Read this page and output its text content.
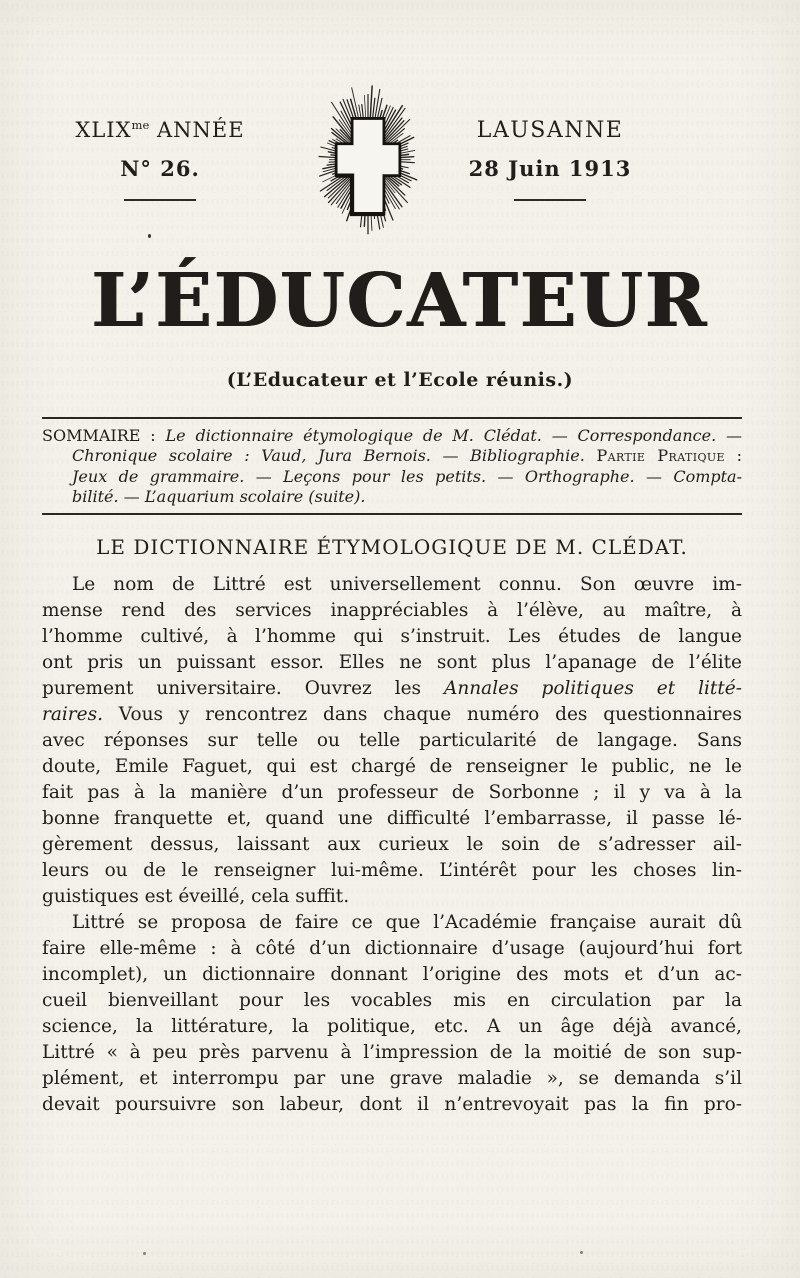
$XLIX^{me}$ ANNÉE
N° 26.
LAUSANNE
28 Juin 1913
L’ÉDUCATEUR
(L’Educateur et l’Ecole réunis.)
SOMMAIRE : Le dictionnaire étymologique de M. Clédat. — Correspondance. —
Chronique scolaire : Vaud, Jura Bernois. — Bibliographie. Partie Pratique :
Jeux de grammaire. — Leçons pour les petits. — Orthographe. — Compta-
bilité. — L’aquarium scolaire (suite).
LE DICTIONNAIRE ÉTYMOLOGIQUE DE M. CLÉDAT.
Le nom de Littré est universellement connu. Son œuvre im-
mense rend des services inappréciables à l’élève, au maître, à
l’homme cultivé, à l’homme qui s’instruit. Les études de langue
ont pris un puissant essor. Elles ne sont plus l’apanage de l’élite
purement universitaire. Ouvrez les Annales politiques et litté-
raires. Vous y rencontrez dans chaque numéro des questionnaires
avec réponses sur telle ou telle particularité de langage. Sans
doute, Emile Faguet, qui est chargé de renseigner le public, ne le
fait pas à la manière d’un professeur de Sorbonne ; il y va à la
bonne franquette et, quand une difficulté l’embarrasse, il passe lé-
gèrement dessus, laissant aux curieux le soin de s’adresser ail-
leurs ou de le renseigner lui-même. L’intérêt pour les choses lin-
guistiques est éveillé, cela suffit.
Littré se proposa de faire ce que l’Académie française aurait dû
faire elle-même : à côté d’un dictionnaire d’usage (aujourd’hui fort
incomplet), un dictionnaire donnant l’origine des mots et d’un ac-
cueil bienveillant pour les vocables mis en circulation par la
science, la littérature, la politique, etc. A un âge déjà avancé,
Littré « à peu près parvenu à l’impression de la moitié de son sup-
plément, et interrompu par une grave maladie », se demanda s’il
devait poursuivre son labeur, dont il n’entrevoyait pas la fin pro-
